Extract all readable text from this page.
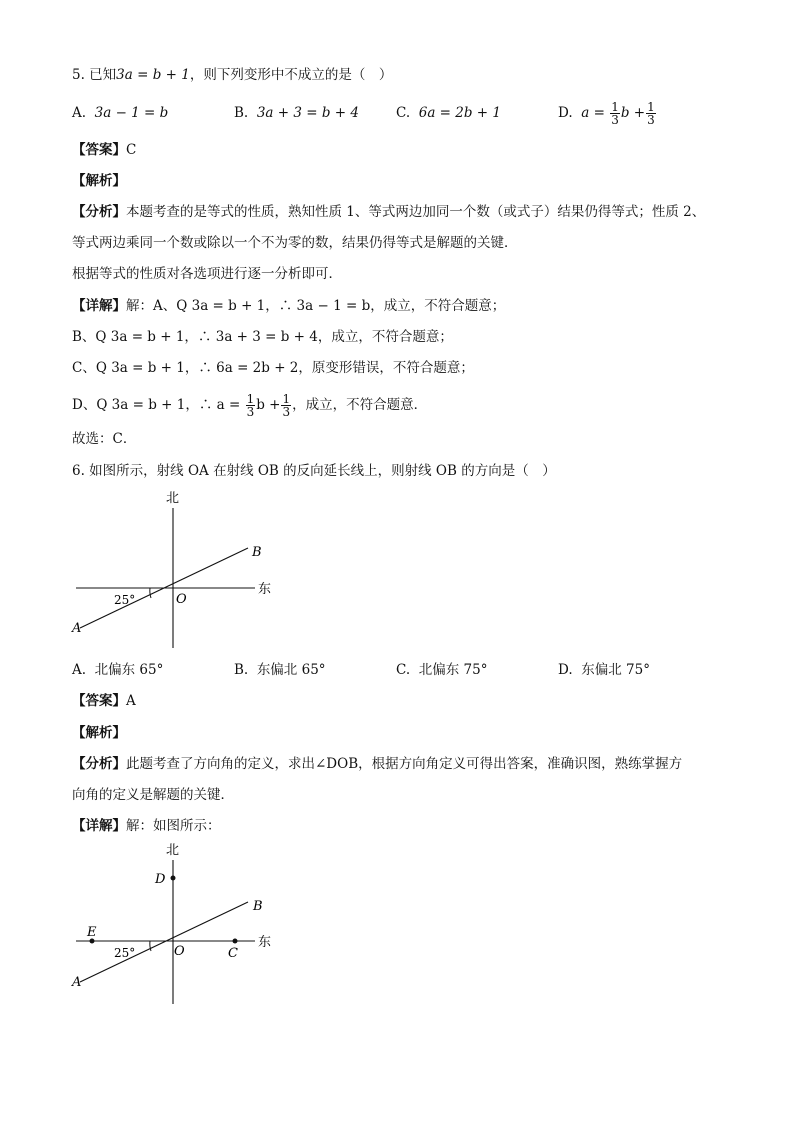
5. 已知3a = b + 1，则下列变形中不成立的是（　）
A. 3a − 1 = b	B. 3a + 3 = b + 4	C. 6a = 2b + 1	D. $a = \frac{1}{3}$ $b + \frac{1}{3}$
【答案】C
【解析】
【分析】本题考查的是等式的性质，熟知性质 1、等式两边加同一个数（或式子）结果仍得等式；性质 2、
等式两边乘同一个数或除以一个不为零的数，结果仍得等式是解题的关键．
根据等式的性质对各选项进行逐一分析即可．
【详解】解：A、Q 3a = b + 1，∴ 3a − 1 = b，成立，不符合题意；
B、Q 3a = b + 1，∴ 3a + 3 = b + 4，成立，不符合题意；
C、Q 3a = b + 1，∴ 6a = 2b + 2，原变形错误，不符合题意；
D、Q 3a = b + 1，∴ $a = \frac{1}{3}$ $b + \frac{1}{3}$ ，成立，不符合题意．
故选：C．
6. 如图所示，射线 OA 在射线 OB 的反向延长线上，则射线 OB 的方向是（　）
北
东
25°	O
A
B
A. 北偏东 65°	B. 东偏北 65°	C. 北偏东 75°	D. 东偏北 75°
【答案】A
【解析】
【分析】此题考查了方向角的定义，求出∠DOB，根据方向角定义可得出答案，准确识图，熟练掌握方
向角的定义是解题的关键．
【详解】解：如图所示：
北
东
25°	O
A
B
C
D
E
